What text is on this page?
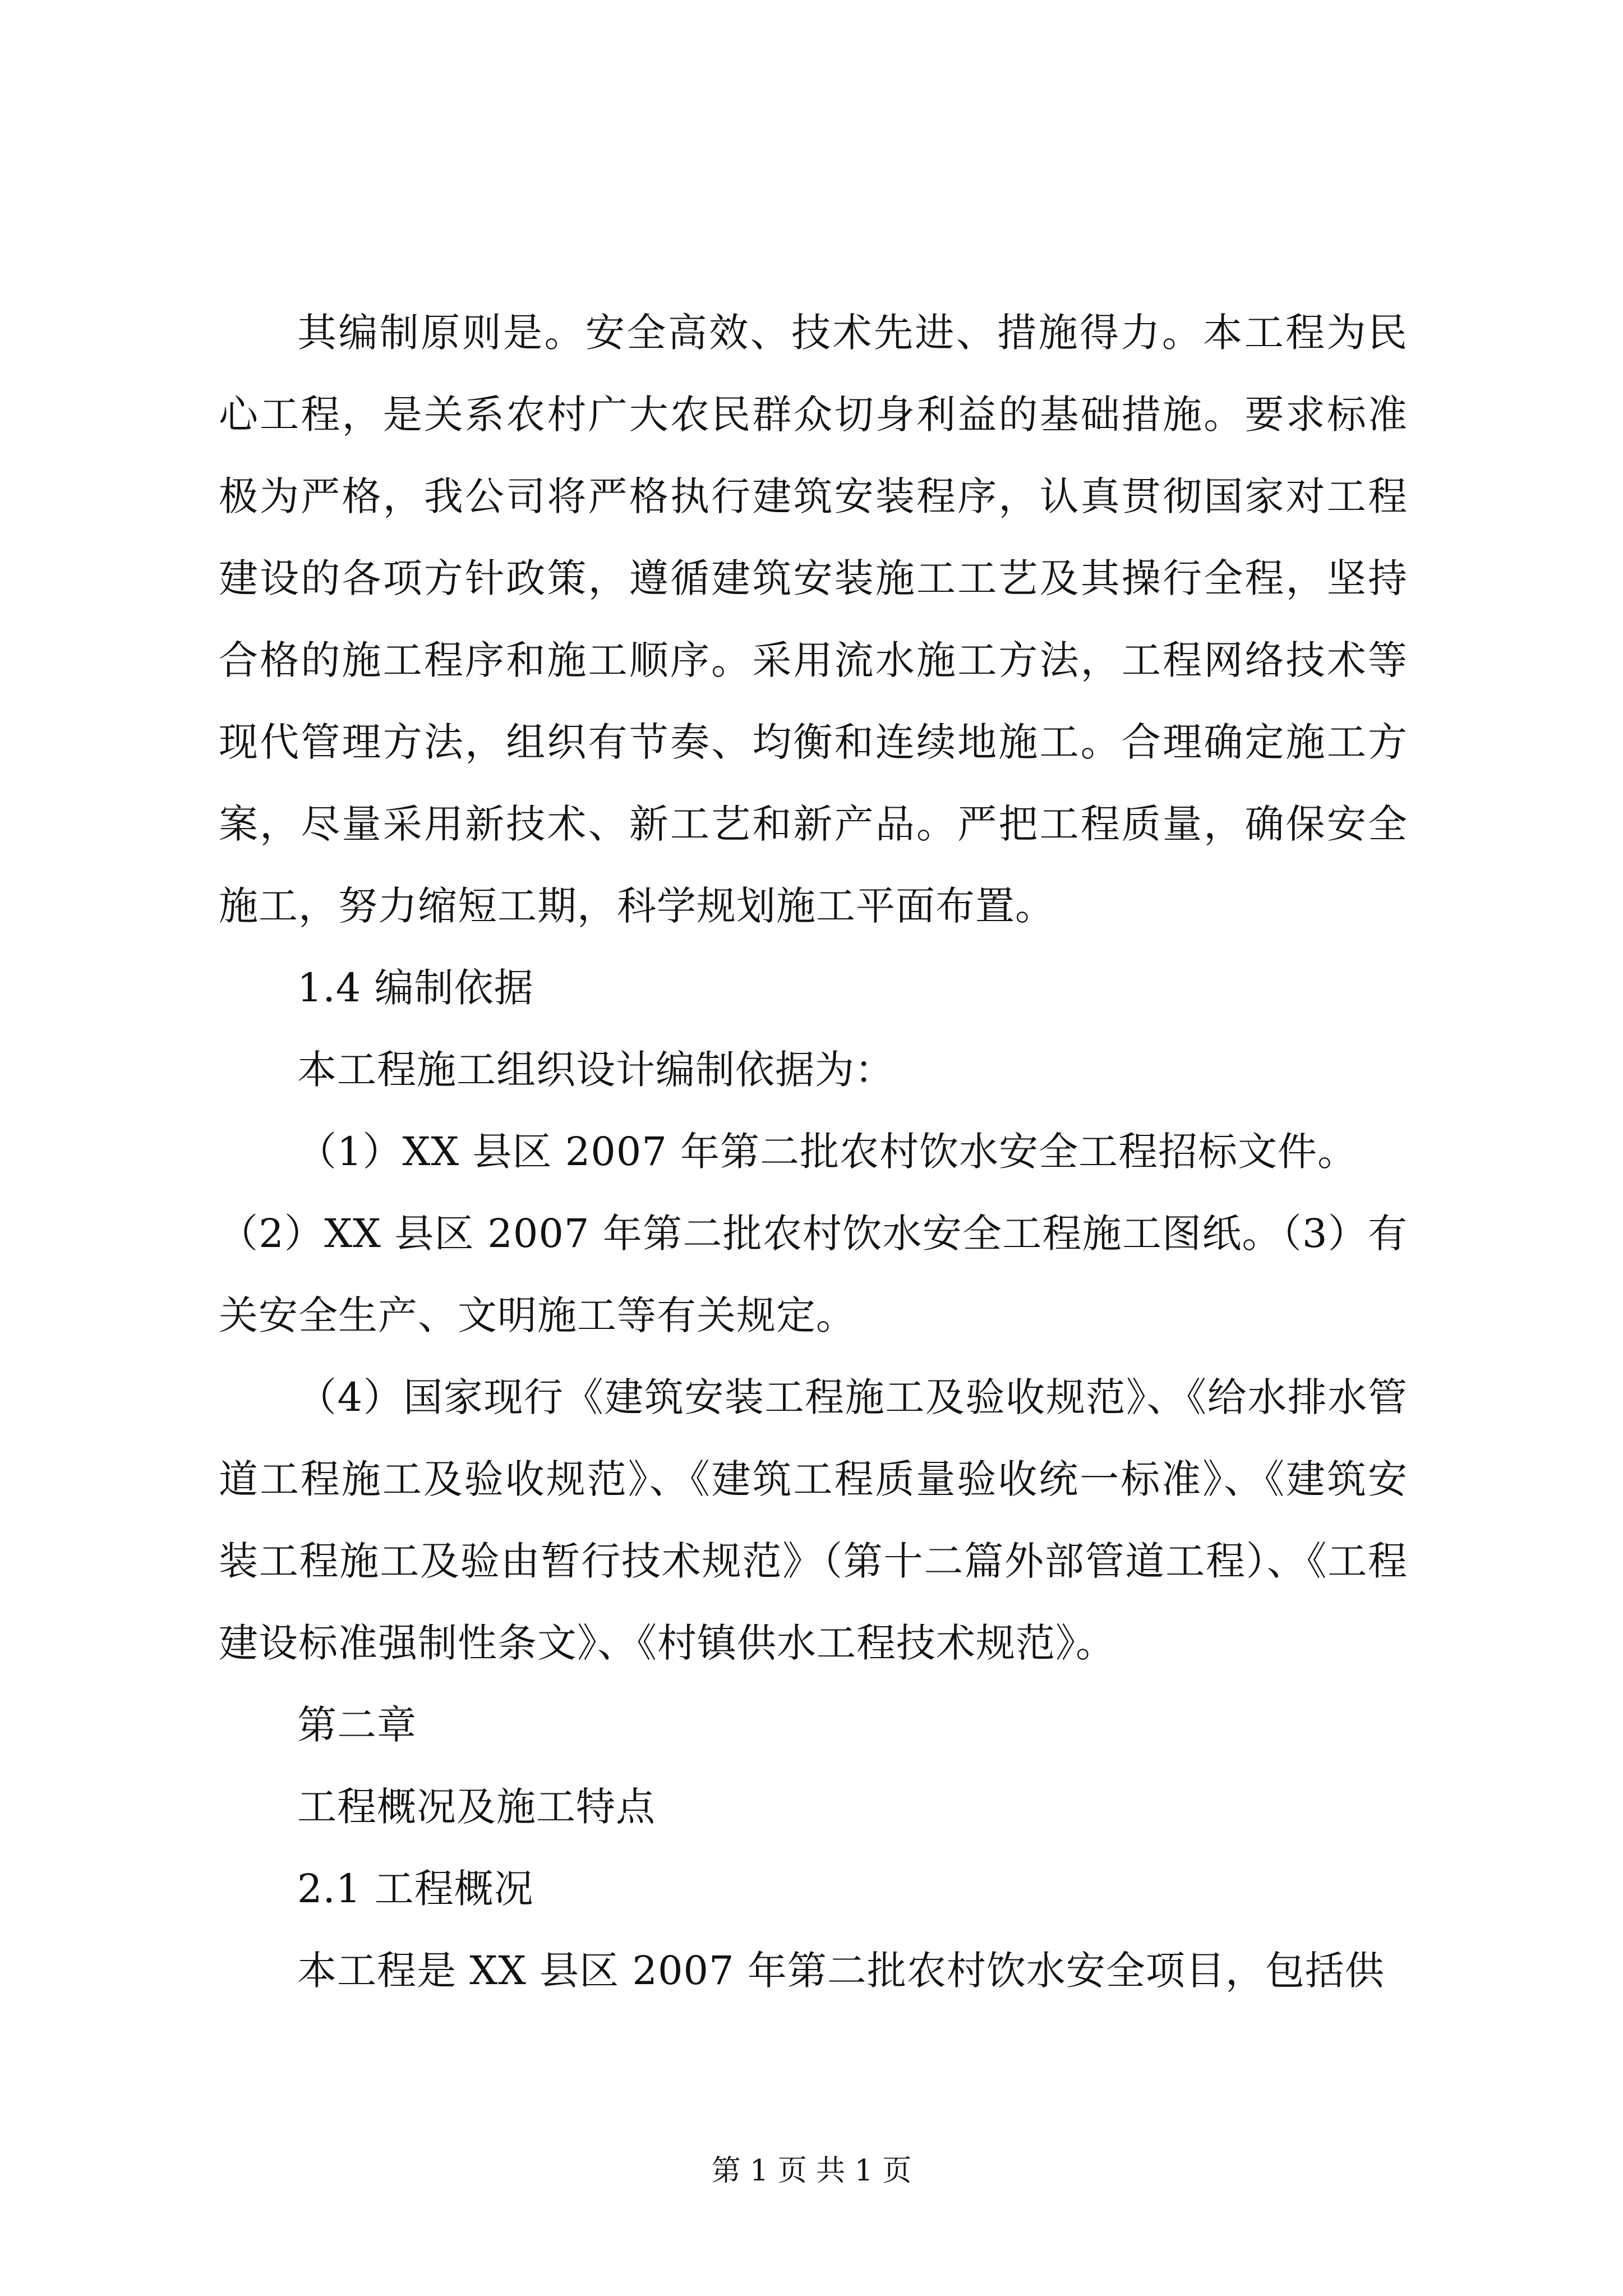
其编制原则是。安全高效、技术先进、措施得力。本工程为民心工程，是关系农村广大农民群众切身利益的基础措施。要求标准极为严格，我公司将严格执行建筑安装程序，认真贯彻国家对工程建设的各项方针政策，遵循建筑安装施工工艺及其操行全程，坚持合格的施工程序和施工顺序。采用流水施工方法，工程网络技术等现代管理方法，组织有节奏、均衡和连续地施工。合理确定施工方案，尽量采用新技术、新工艺和新产品。严把工程质量，确保安全施工，努力缩短工期，科学规划施工平面布置。

1.4 编制依据

本工程施工组织设计编制依据为：

（1）XX 县区 2007 年第二批农村饮水安全工程招标文件。

（2）XX 县区 2007 年第二批农村饮水安全工程施工图纸。（3）有关安全生产、文明施工等有关规定。

（4）国家现行《建筑安装工程施工及验收规范》、《给水排水管道工程施工及验收规范》、《建筑工程质量验收统一标准》、《建筑安装工程施工及验由暂行技术规范》（第十二篇外部管道工程）、《工程建设标准强制性条文》、《村镇供水工程技术规范》。

第二章

工程概况及施工特点

2.1 工程概况

本工程是 XX 县区 2007 年第二批农村饮水安全项目，包括供

第 1 页 共 1 页
